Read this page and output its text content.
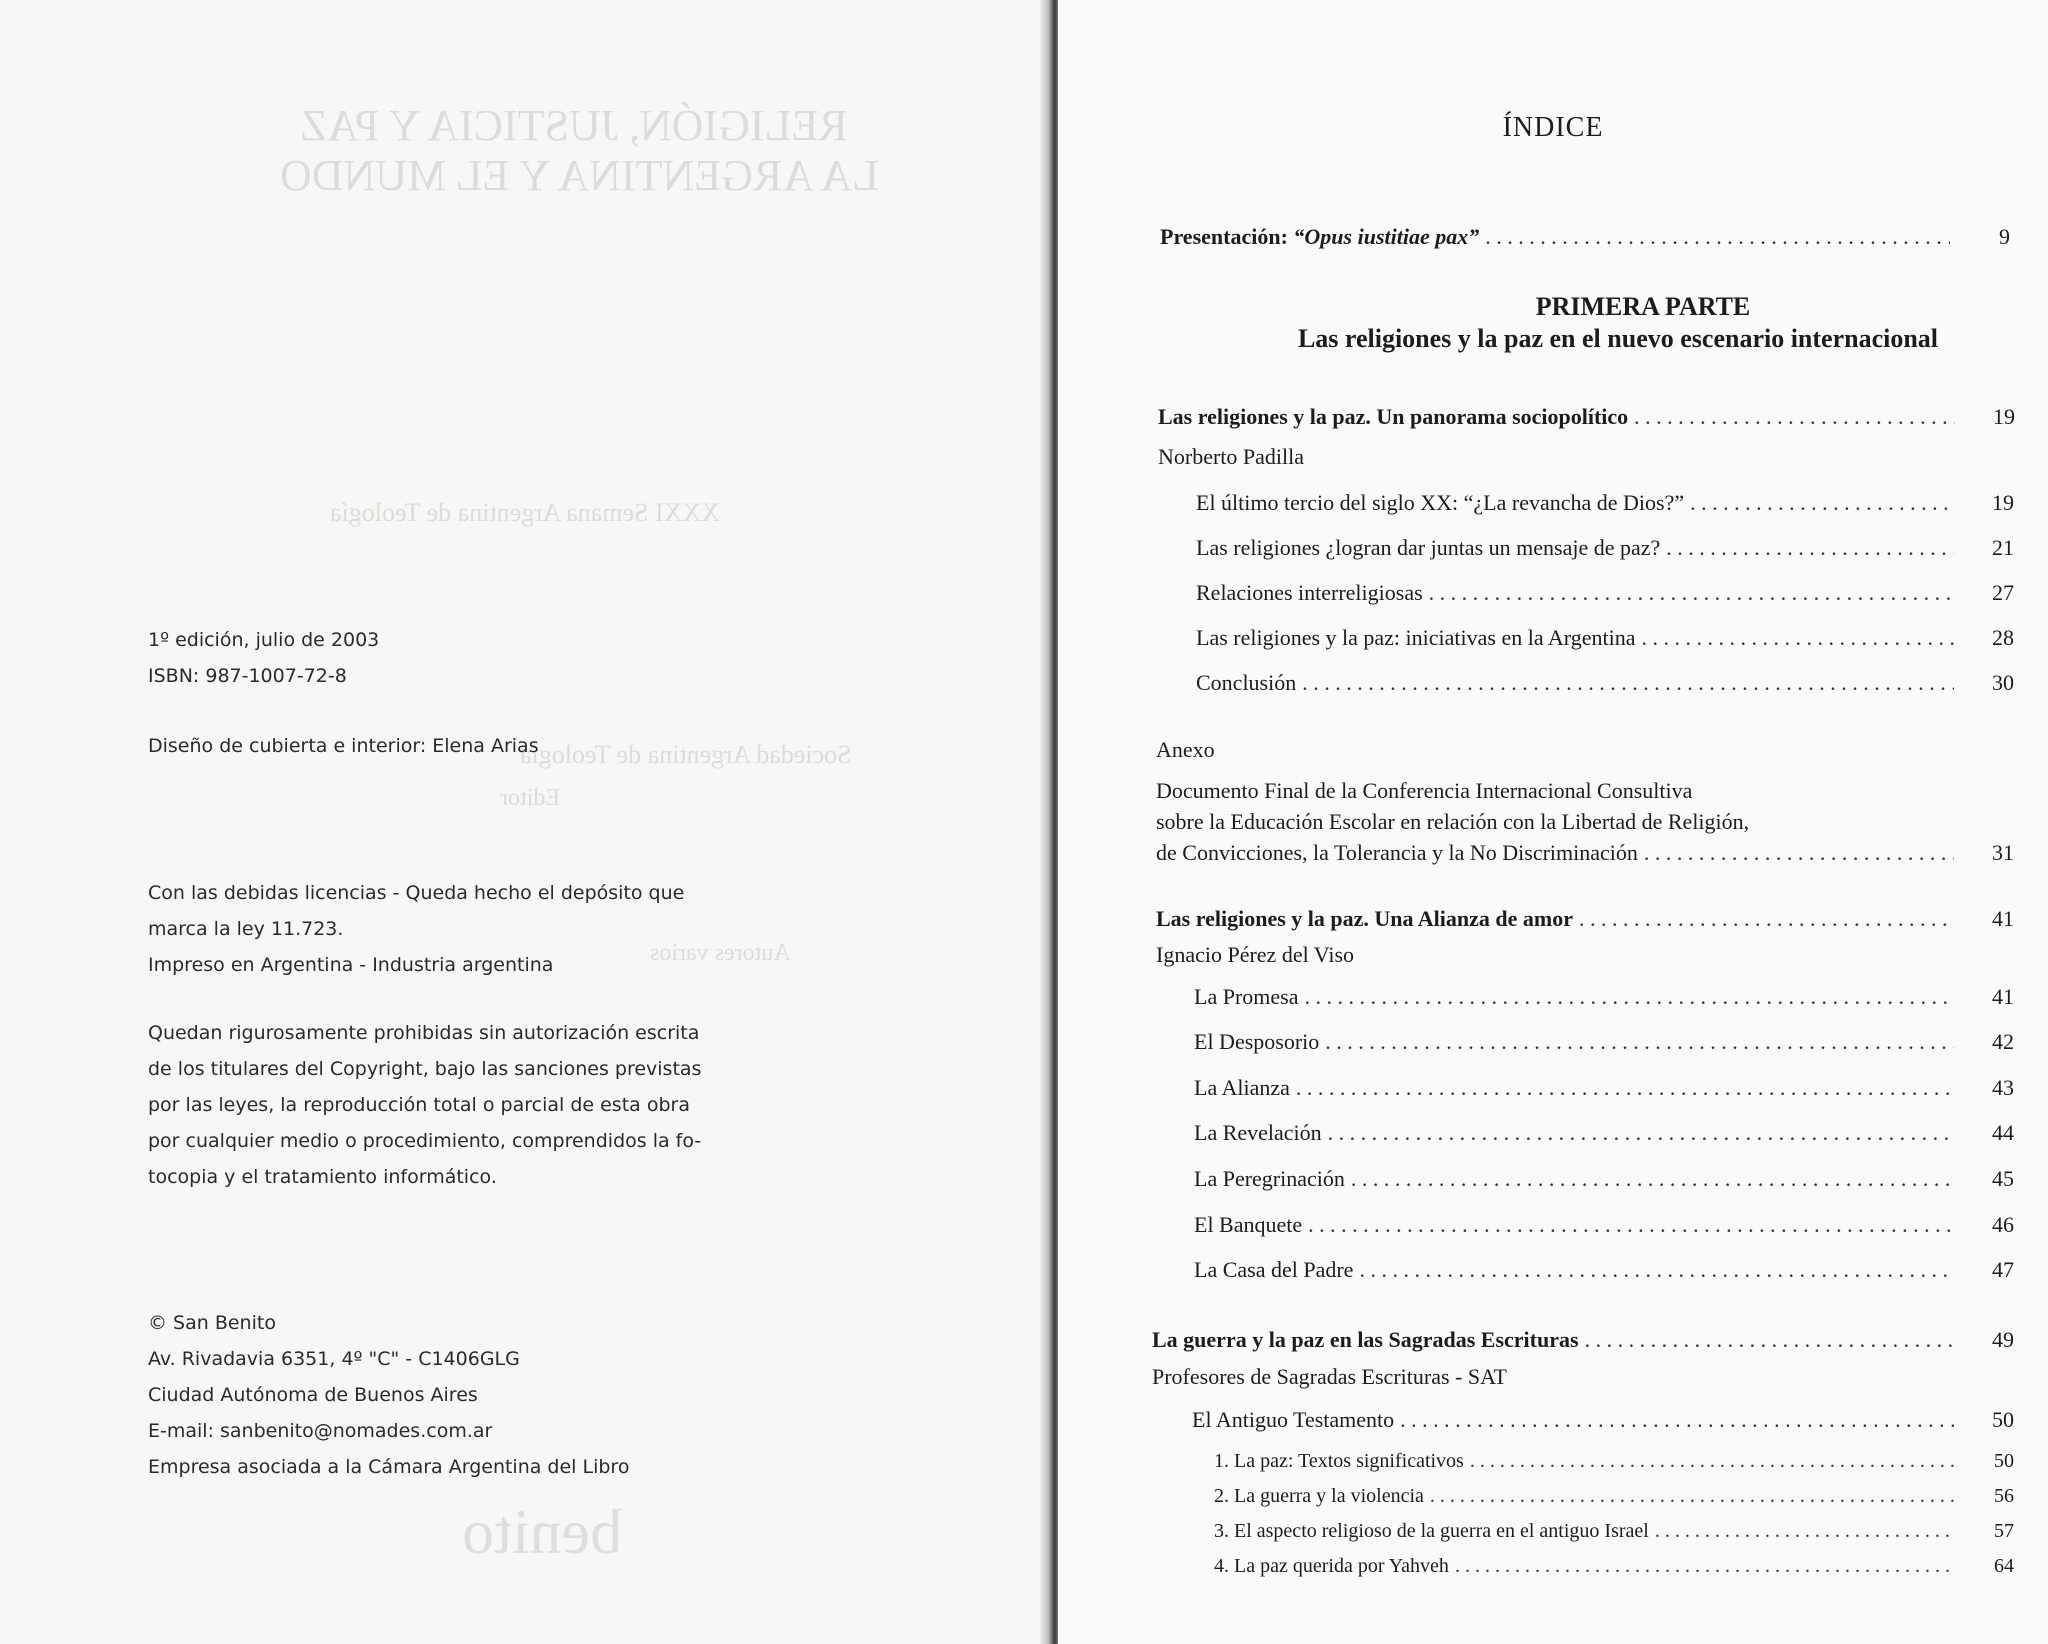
RELIGIÓN, JUSTICIA Y PAZ
LA ARGENTINA Y EL MUNDO
XXXI Semana Argentina de Teología
Sociedad Argentina de Teología
Editor
Autores varios
benito
1º edición, julio de 2003
ISBN: 987-1007-72-8
Diseño de cubierta e interior: Elena Arias
Con las debidas licencias - Queda hecho el depósito que
marca la ley 11.723.
Impreso en Argentina - Industria argentina
Quedan rigurosamente prohibidas sin autorización escrita
de los titulares del Copyright, bajo las sanciones previstas
por las leyes, la reproducción total o parcial de esta obra
por cualquier medio o procedimiento, comprendidos la fo-
tocopia y el tratamiento informático.
© San Benito
Av. Rivadavia 6351, 4º "C" - C1406GLG
Ciudad Autónoma de Buenos Aires
E-mail: sanbenito@nomades.com.ar
Empresa asociada a la Cámara Argentina del Libro
ÍNDICE
Presentación:
“Opus iustitiae pax” . . .	9
PRIMERA PARTE
Las religiones y la paz en el nuevo escenario internacional
Las religiones y la paz. Un panorama sociopolítico . . .	19
Norberto Padilla
El último tercio del siglo XX: “¿La revancha de Dios?” . . .	19
Las religiones ¿logran dar juntas un mensaje de paz? . . .	21
Relaciones interreligiosas . . .	27
Las religiones y la paz: iniciativas en la Argentina . . .	28
Conclusión . . .	30
Anexo
Documento Final de la Conferencia Internacional Consultiva
sobre la Educación Escolar en relación con la Libertad de Religión,
de Convicciones, la Tolerancia y la No Discriminación . . .	31
Las religiones y la paz. Una Alianza de amor . . .	41
Ignacio Pérez del Viso
La Promesa . . .	41
El Desposorio . . .	42
La Alianza . . .	43
La Revelación . . .	44
La Peregrinación . . .	45
El Banquete . . .	46
La Casa del Padre . . .	47
La guerra y la paz en las Sagradas Escrituras . . .	49
Profesores de Sagradas Escrituras - SAT
El Antiguo Testamento . . .	50
1. La paz: Textos significativos . . .	50
2. La guerra y la violencia . . .	56
3. El aspecto religioso de la guerra en el antiguo Israel . . .	57
4. La paz querida por Yahveh . . .	64
